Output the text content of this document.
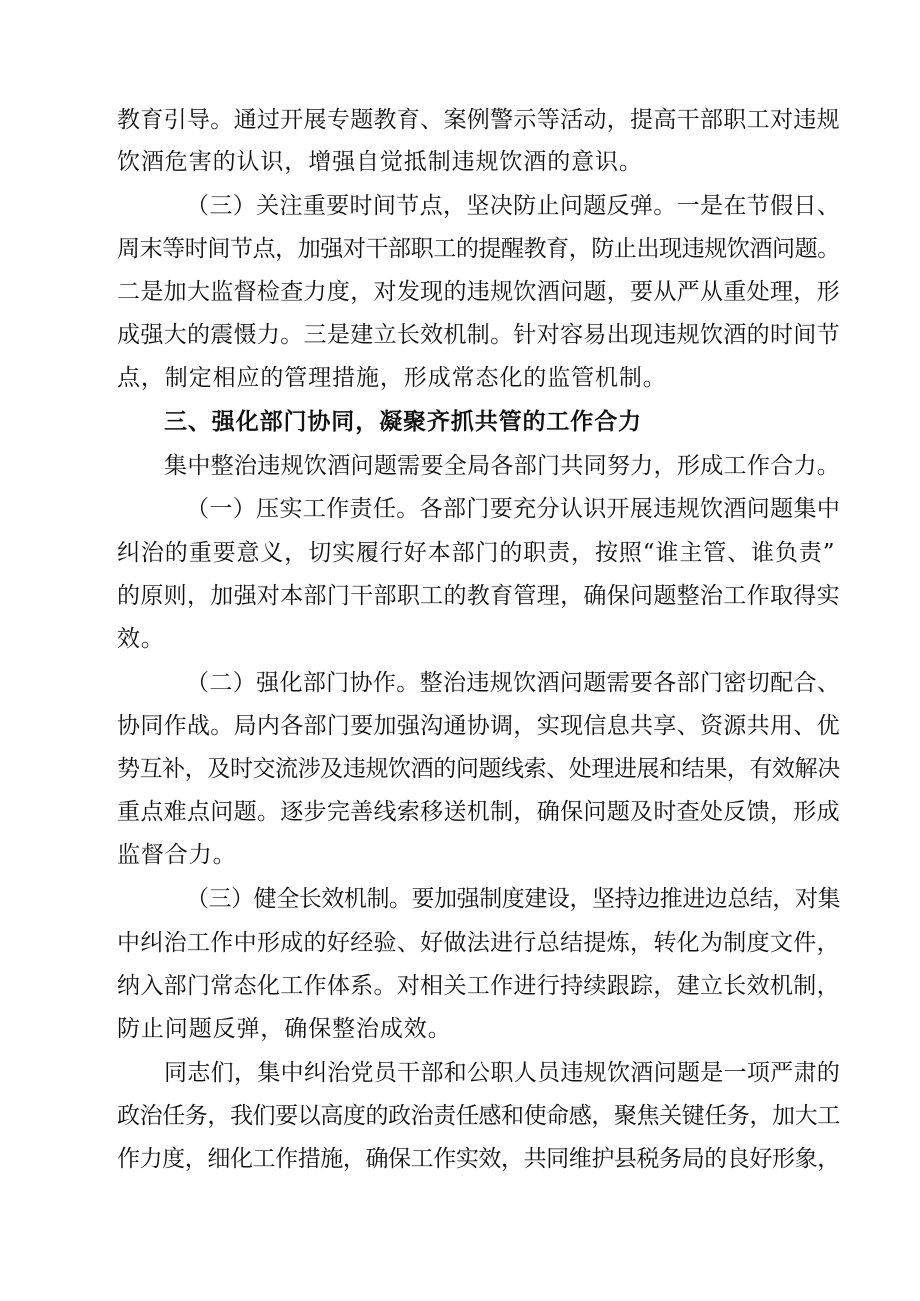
教育引导。通过开展专题教育、案例警示等活动，提高干部职工对违规
饮酒危害的认识，增强自觉抵制违规饮酒的意识。
（三）关注重要时间节点，坚决防止问题反弹。一是在节假日、
周末等时间节点，加强对干部职工的提醒教育，防止出现违规饮酒问题。
二是加大监督检查力度，对发现的违规饮酒问题，要从严从重处理，形
成强大的震慑力。三是建立长效机制。针对容易出现违规饮酒的时间节
点，制定相应的管理措施，形成常态化的监管机制。
三、强化部门协同，凝聚齐抓共管的工作合力
集中整治违规饮酒问题需要全局各部门共同努力，形成工作合力。
（一）压实工作责任。各部门要充分认识开展违规饮酒问题集中
纠治的重要意义，切实履行好本部门的职责，按照“谁主管、谁负责”
的原则，加强对本部门干部职工的教育管理，确保问题整治工作取得实
效。
（二）强化部门协作。整治违规饮酒问题需要各部门密切配合、
协同作战。局内各部门要加强沟通协调，实现信息共享、资源共用、优
势互补，及时交流涉及违规饮酒的问题线索、处理进展和结果，有效解决
重点难点问题。逐步完善线索移送机制，确保问题及时查处反馈，形成
监督合力。
（三）健全长效机制。要加强制度建设，坚持边推进边总结，对集
中纠治工作中形成的好经验、好做法进行总结提炼，转化为制度文件，
纳入部门常态化工作体系。对相关工作进行持续跟踪，建立长效机制，
防止问题反弹，确保整治成效。
同志们，集中纠治党员干部和公职人员违规饮酒问题是一项严肃的
政治任务，我们要以高度的政治责任感和使命感，聚焦关键任务，加大工
作力度，细化工作措施，确保工作实效，共同维护县税务局的良好形象，
